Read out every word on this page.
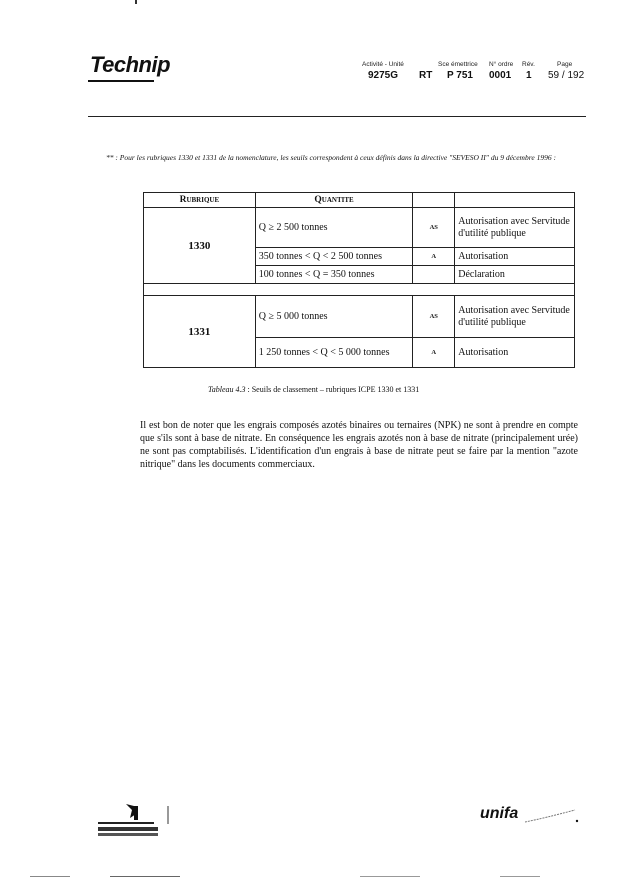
Technip	Activité - Unité	Sce émettrice N° ordre Rév.	Page
9275G RT P 751 0001 1 59 / 192
** : Pour les rubriques 1330 et 1331 de la nomenclature, les seuils correspondent à ceux définis dans la directive "SEVESO II" du 9 décembre 1996 :
Rubrique	Quantite		
1330	Q ≥ 2 500 tonnes	AS	Autorisation avec Servitude d'utilité publique
	350 tonnes < Q < 2 500 tonnes	A	Autorisation
	100 tonnes < Q = 350 tonnes		Déclaration

1331	Q ≥ 5 000 tonnes	AS	Autorisation avec Servitude d'utilité publique
	1 250 tonnes < Q < 5 000 tonnes	A	Autorisation
Tableau 4.3 : Seuils de classement – rubriques ICPE 1330 et 1331
Il est bon de noter que les engrais composés azotés binaires ou ternaires (NPK) ne sont à prendre en compte que s'ils sont à base de nitrate. En conséquence les engrais azotés non à base de nitrate (principalement urée) ne sont pas comptabilisés. L'identification d'un engrais à base de nitrate peut se faire par la mention "azote nitrique" dans les documents commerciaux.
unifa
